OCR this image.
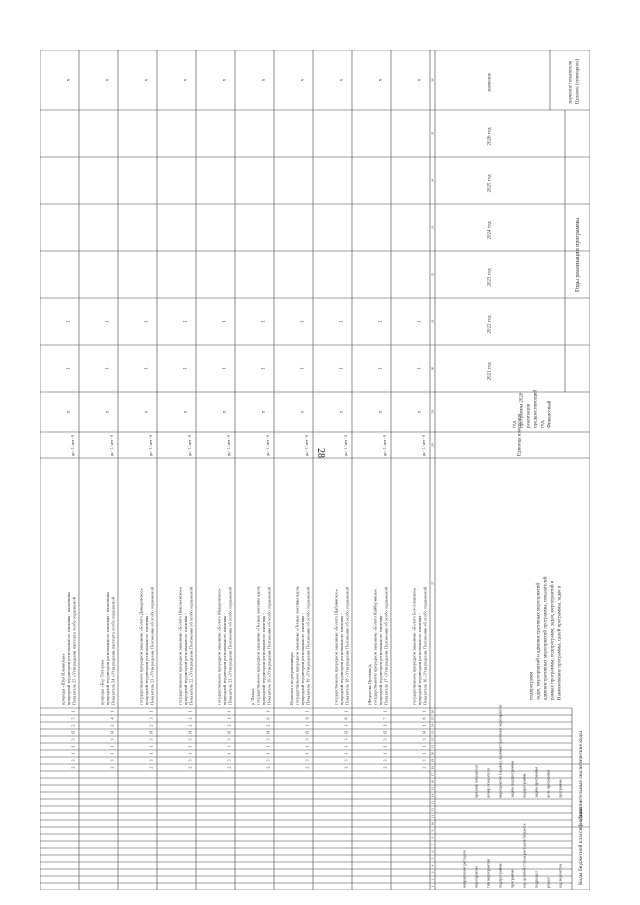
28
Коды бюджетной классификации
Дополнительные аналитические коды
Наименование программы, целей программы, задач в
рамках программы, подпрограмм, задач, мероприятий и
административных мероприятий программы, показателей
задач, мероприятий и административных мероприятий
подпрограмм
Единица измерения	Финансовый
год,
предшествующий
реализации
программы 2020
год
Годы реализации программы
Целевое (суммарное)
значение показателя
значение
2021 год
2022 год
2023 год
2024 год
2025 год
2026 год
код ведомства
раздел
подраздел
код целевой статьи расходов бюджета
программа
подпрограмма
тип мероприятия
мероприятие
направление расходов
программа
цель программы
задача программы
подпрограмма
задача подпрограммы
мероприятие (задача), административное мероприятие
номер показателя
признак показателя
1
2
3
4
5
6
7
8
9
10
11
12
13
14
15
16
17
18
19
20
21
22
23
24
25
26
27
28
29
30
31
32
33
34
35
36
2
3
1
1
3
Я
1
6
1
Показатель 16 «Утверждение Положения об особо охраняемой
природной территории регионального значения -
государственном природном заказнике «Болото Богословское»
да - 1/ нет - 0
х
1
1
х
2
3
1
1
3
Я
1
7
1
Показатель 17 «Утверждение Положения об особо охраняемой
природной территории регионального значения -
государственном природном заказнике «Болото Кайбуринское
(Федорова Пустынь)»
да - 1/ нет - 0
х
1
1
х
2
3
1
1
3
Я
1
8
1
Показатель 18 «Утверждение Положения об особо охраняемой
природной территории регионального значения -
государственном природном заказнике «Болото Щаблинское»
да - 1/ нет - 0
х
1
1
х
2
3
1
1
3
Я
1
9
1
Показатель 19 «Утверждение Положения об особо охраняемой
природной территории регионального значения -
государственном природном заказнике «Лесные массивы вдоль
Волжского водохранилища»
да - 1/ нет - 0
х
1
1
х
2
3
1
1
3
Я
2
0
1
Показатель 20 «Утверждение Положения об особо охраняемой
природной территории регионального значения -
государственном природном заказнике «Лесные массивы вдоль
р. Пажа»
да - 1/ нет - 0
х
1
1
х
2
3
1
1
3
Я
2
1
1
Показатель 21 «Утверждение Положения об особо охраняемой
природной территории регионального значения -
государственном природном заказнике «Болото Макаровское»
да - 1/ нет - 0
х
1
1
х
2
3
1
1
3
Я
2
2
1
Показатель 22 «Утверждение Положения об особо охраняемой
природной территории регионального значения -
государственном природном заказнике «Болото Никольевское»
да - 1/ нет - 0
х
1
1
х
2
3
1
1
3
Я
2
3
1
Показатель 23 «Утверждение Положения об особо охраняемой
природной территории регионального значения -
государственном природном заказнике «Болото Давыдовское»
да - 1/ нет - 0
х
1
1
х
2
3
1
1
3
Я
2
4
1
Показатель 24 «Утверждение паспорта особо охраняемой
природной территории регионального значения - памятника
природы «Бор Топорок»
да - 1/ нет - 0
х
1
1
х
2
3
1
1
3
Я
2
5
1
Показатель 25 «Утверждение паспорта особо охраняемой
природной территории регионального значения - памятника
природы «Шуя Ильинская»
да - 1/ нет - 0
х
1
1
х
